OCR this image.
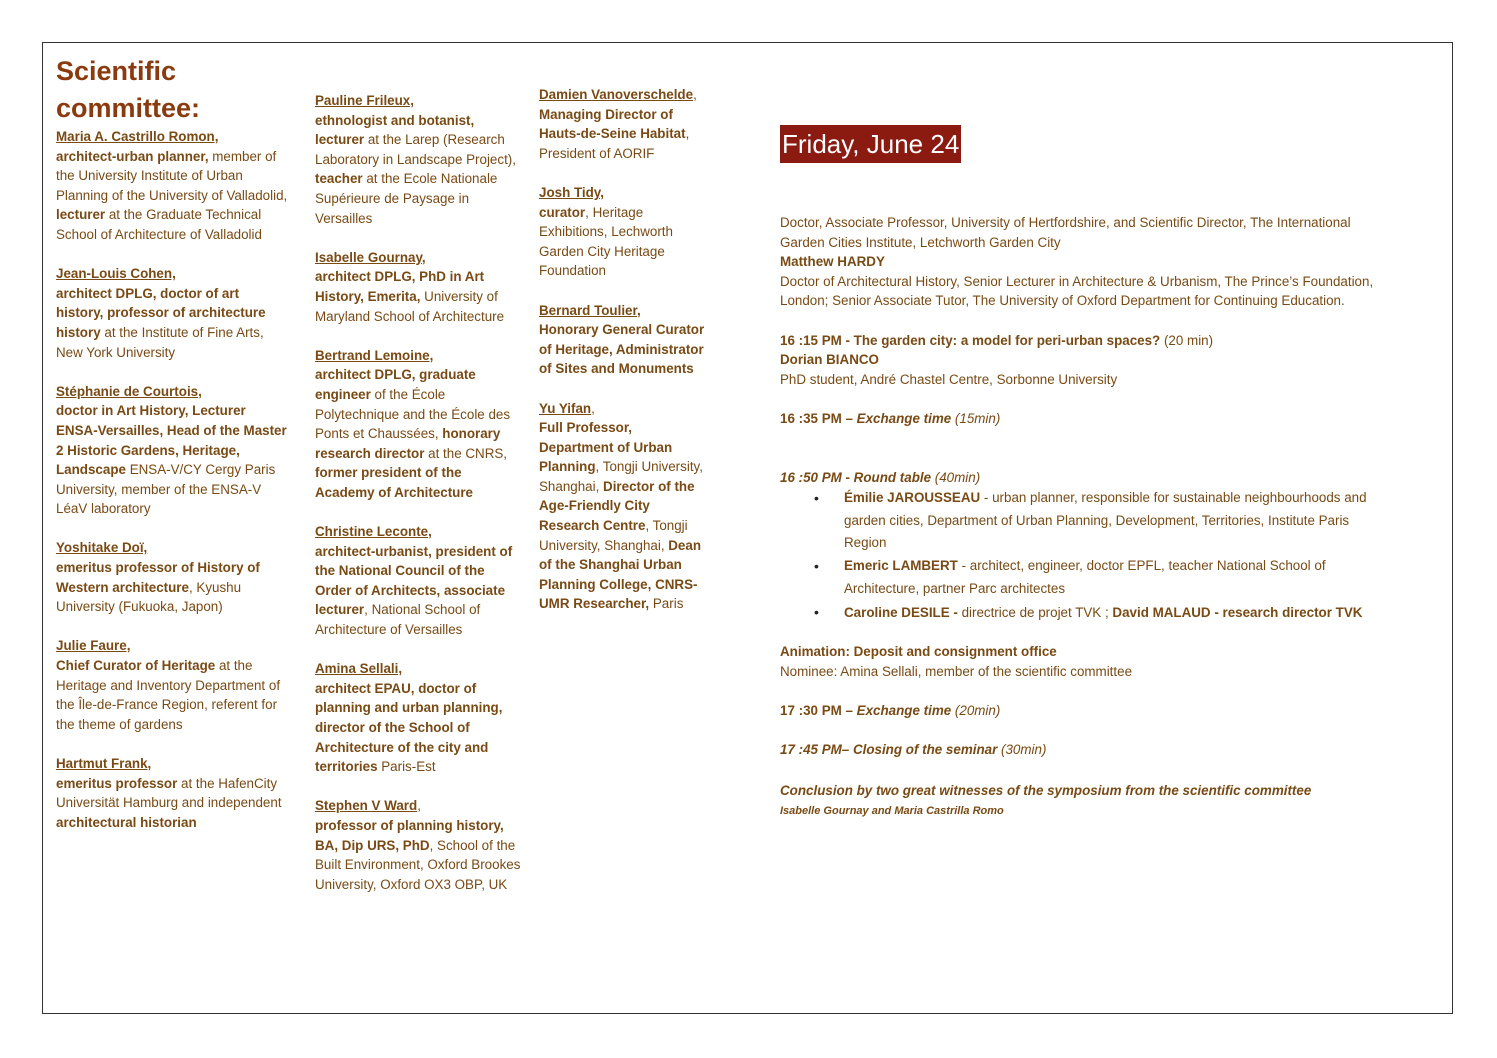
Scientific
committee:
Maria A. Castrillo Romon,
architect-urban planner, member of the University Institute of Urban Planning of the University of Valladolid, lecturer at the Graduate Technical School of Architecture of Valladolid
Jean-Louis Cohen,
architect DPLG, doctor of art history, professor of architecture history at the Institute of Fine Arts, New York University
Stéphanie de Courtois,
doctor in Art History, Lecturer ENSA-Versailles, Head of the Master 2 Historic Gardens, Heritage, Landscape ENSA-V/CY Cergy Paris University, member of the ENSA-V LéaV laboratory
Yoshitake Doï,
emeritus professor of History of Western architecture, Kyushu University (Fukuoka, Japon)
Julie Faure,
Chief Curator of Heritage at the Heritage and Inventory Department of the Île-de-France Region, referent for the theme of gardens
Hartmut Frank,
emeritus professor at the HafenCity Universität Hamburg and independent architectural historian
Pauline Frileux,
ethnologist and botanist, lecturer at the Larep (Research Laboratory in Landscape Project), teacher at the Ecole Nationale Supérieure de Paysage in Versailles
Isabelle Gournay,
architect DPLG, PhD in Art History, Emerita, University of Maryland School of Architecture
Bertrand Lemoine,
architect DPLG, graduate engineer of the École Polytechnique and the École des Ponts et Chaussées, honorary research director at the CNRS, former president of the Academy of Architecture
Christine Leconte,
architect-urbanist, president of the National Council of the Order of Architects, associate lecturer, National School of Architecture of Versailles
Amina Sellali,
architect EPAU, doctor of planning and urban planning, director of the School of Architecture of the city and territories Paris-Est
Stephen V Ward,
professor of planning history, BA, Dip URS, PhD, School of the Built Environment, Oxford Brookes University, Oxford OX3 OBP, UK
Damien Vanoverschelde,
Managing Director of Hauts-de-Seine Habitat, President of AORIF
Josh Tidy,
curator, Heritage Exhibitions, Lechworth Garden City Heritage Foundation
Bernard Toulier,
Honorary General Curator of Heritage, Administrator of Sites and Monuments
Yu Yifan,
Full Professor, Department of Urban Planning, Tongji University, Shanghai, Director of the Age-Friendly City Research Centre, Tongji University, Shanghai, Dean of the Shanghai Urban Planning College, CNRS-UMR Researcher, Paris
Friday, June 24

Doctor, Associate Professor, University of Hertfordshire, and Scientific Director, The International Garden Cities Institute, Letchworth Garden City
Matthew HARDY
Doctor of Architectural History, Senior Lecturer in Architecture & Urbanism, The Prince’s Foundation, London; Senior Associate Tutor, The University of Oxford Department for Continuing Education.

16 :15 PM - The garden city: a model for peri-urban spaces? (20 min)
Dorian BIANCO
PhD student, André Chastel Centre, Sorbonne University

16 :35 PM – Exchange time (15min)

16 :50 PM - Round table (40min)

• Émilie JAROUSSEAU - urban planner, responsible for sustainable neighbourhoods and garden cities, Department of Urban Planning, Development, Territories, Institute Paris Region
• Emeric LAMBERT - architect, engineer, doctor EPFL, teacher National School of Architecture, partner Parc architectes
• Caroline DESILE - directrice de projet TVK ; David MALAUD - research director TVK

Animation: Deposit and consignment office
Nominee: Amina Sellali, member of the scientific committee

17 :30 PM – Exchange time (20min)

17 :45 PM– Closing of the seminar (30min)

Conclusion by two great witnesses of the symposium from the scientific committee
Isabelle Gournay and Maria Castrilla Romo
